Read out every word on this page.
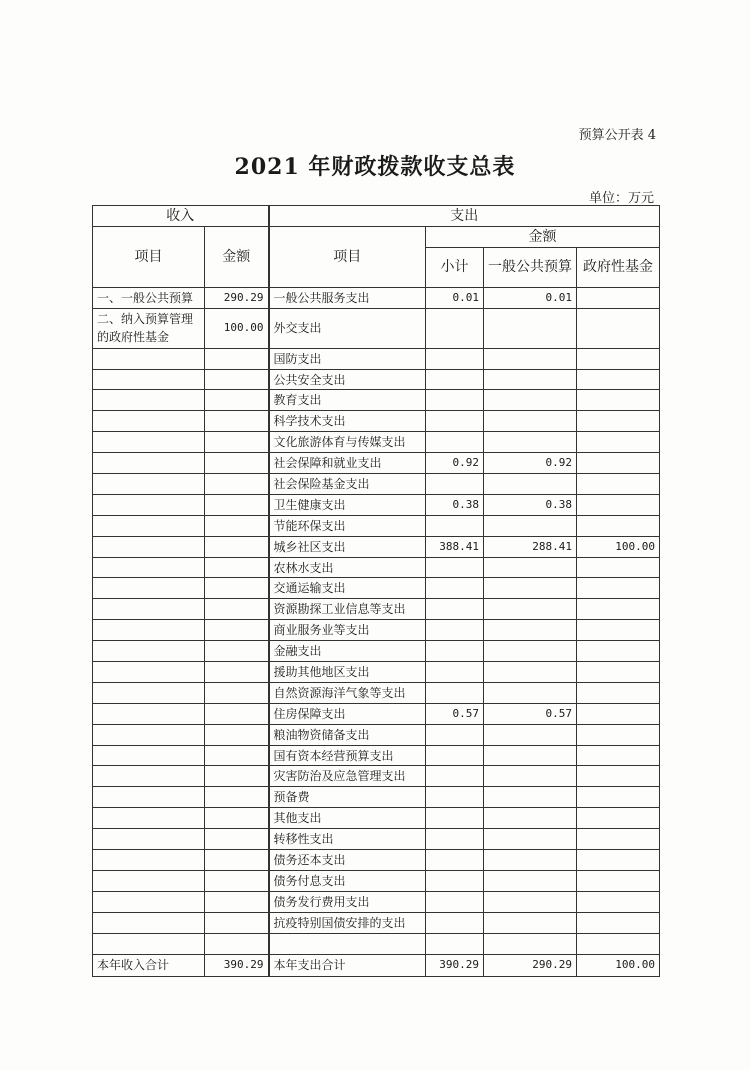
预算公开表 4
2021 年财政拨款收支总表
单位：万元
收入		支出			
项目	金额	项目	金额		
			小计	一般公共预算	政府性基金
一、一般公共预算	290.29	一般公共服务支出	0.01	0.01	
二、纳入预算管理的政府性基金	100.00	外交支出			
		国防支出			
		公共安全支出			
		教育支出			
		科学技术支出			
		文化旅游体育与传媒支出			
		社会保障和就业支出	0.92	0.92	
		社会保险基金支出			
		卫生健康支出	0.38	0.38	
		节能环保支出			
		城乡社区支出	388.41	288.41	100.00
		农林水支出			
		交通运输支出			
		资源勘探工业信息等支出			
		商业服务业等支出			
		金融支出			
		援助其他地区支出			
		自然资源海洋气象等支出			
		住房保障支出	0.57	0.57	
		粮油物资储备支出			
		国有资本经营预算支出			
		灾害防治及应急管理支出			
		预备费			
		其他支出			
		转移性支出			
		债务还本支出			
		债务付息支出			
		债务发行费用支出			
		抗疫特别国债安排的支出			

本年收入合计	390.29	本年支出合计	390.29	290.29	100.00
